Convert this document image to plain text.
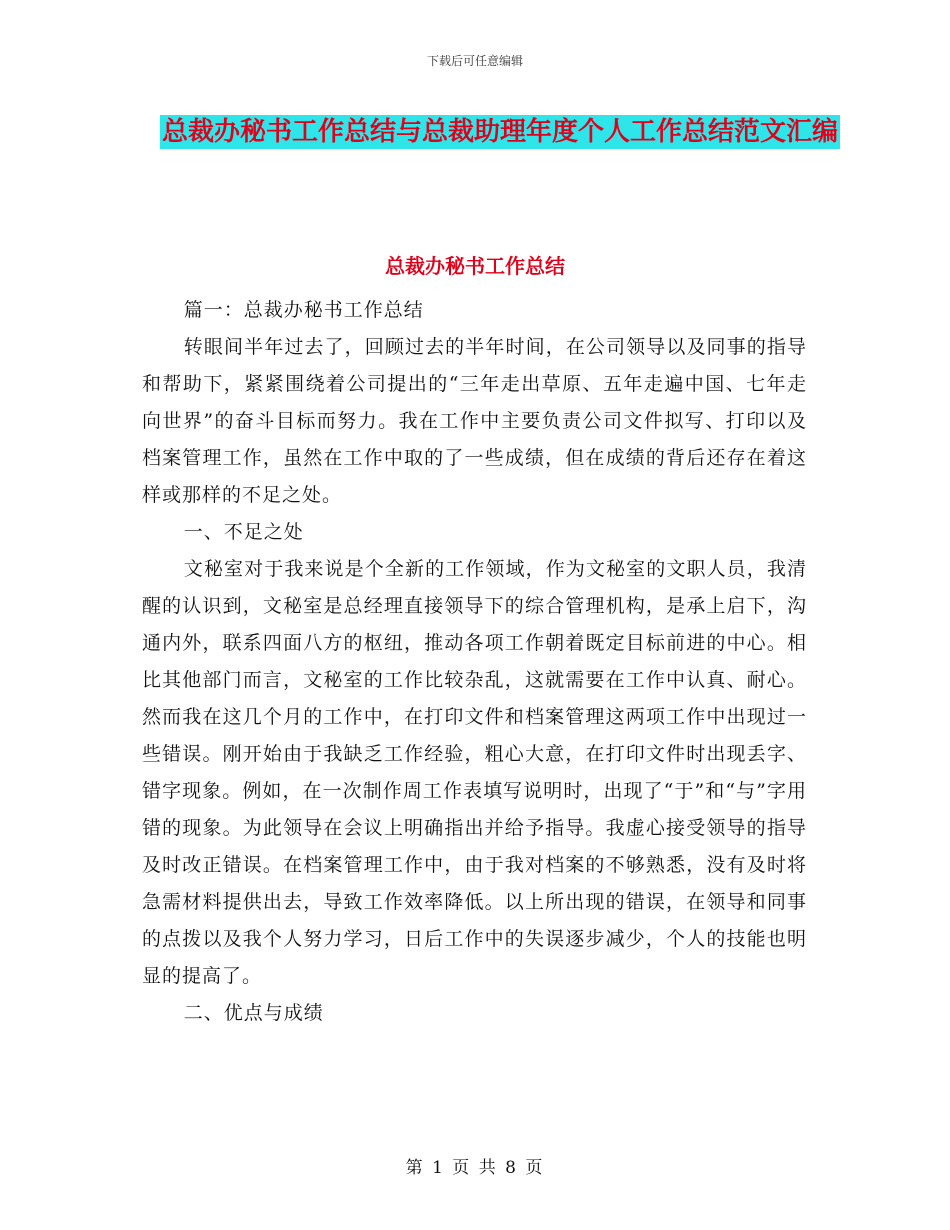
下载后可任意编辑
总裁办秘书工作总结与总裁助理年度个人工作总结范文汇编
总裁办秘书工作总结

篇一：总裁办秘书工作总结

转眼间半年过去了，回顾过去的半年时间，在公司领导以及同事的指导和帮助下，紧紧围绕着公司提出的“三年走出草原、五年走遍中国、七年走向世界”的奋斗目标而努力。我在工作中主要负责公司文件拟写、打印以及档案管理工作，虽然在工作中取的了一些成绩，但在成绩的背后还存在着这样或那样的不足之处。

一、不足之处

文秘室对于我来说是个全新的工作领域，作为文秘室的文职人员，我清醒的认识到，文秘室是总经理直接领导下的综合管理机构，是承上启下，沟通内外，联系四面八方的枢纽，推动各项工作朝着既定目标前进的中心。相比其他部门而言，文秘室的工作比较杂乱，这就需要在工作中认真、耐心。然而我在这几个月的工作中，在打印文件和档案管理这两项工作中出现过一些错误。刚开始由于我缺乏工作经验，粗心大意，在打印文件时出现丢字、错字现象。例如，在一次制作周工作表填写说明时，出现了“于”和“与”字用错的现象。为此领导在会议上明确指出并给予指导。我虚心接受领导的指导及时改正错误。在档案管理工作中，由于我对档案的不够熟悉，没有及时将急需材料提供出去，导致工作效率降低。以上所出现的错误，在领导和同事的点拨以及我个人努力学习，日后工作中的失误逐步减少，个人的技能也明显的提高了。

二、优点与成绩

第 1 页 共 8 页
